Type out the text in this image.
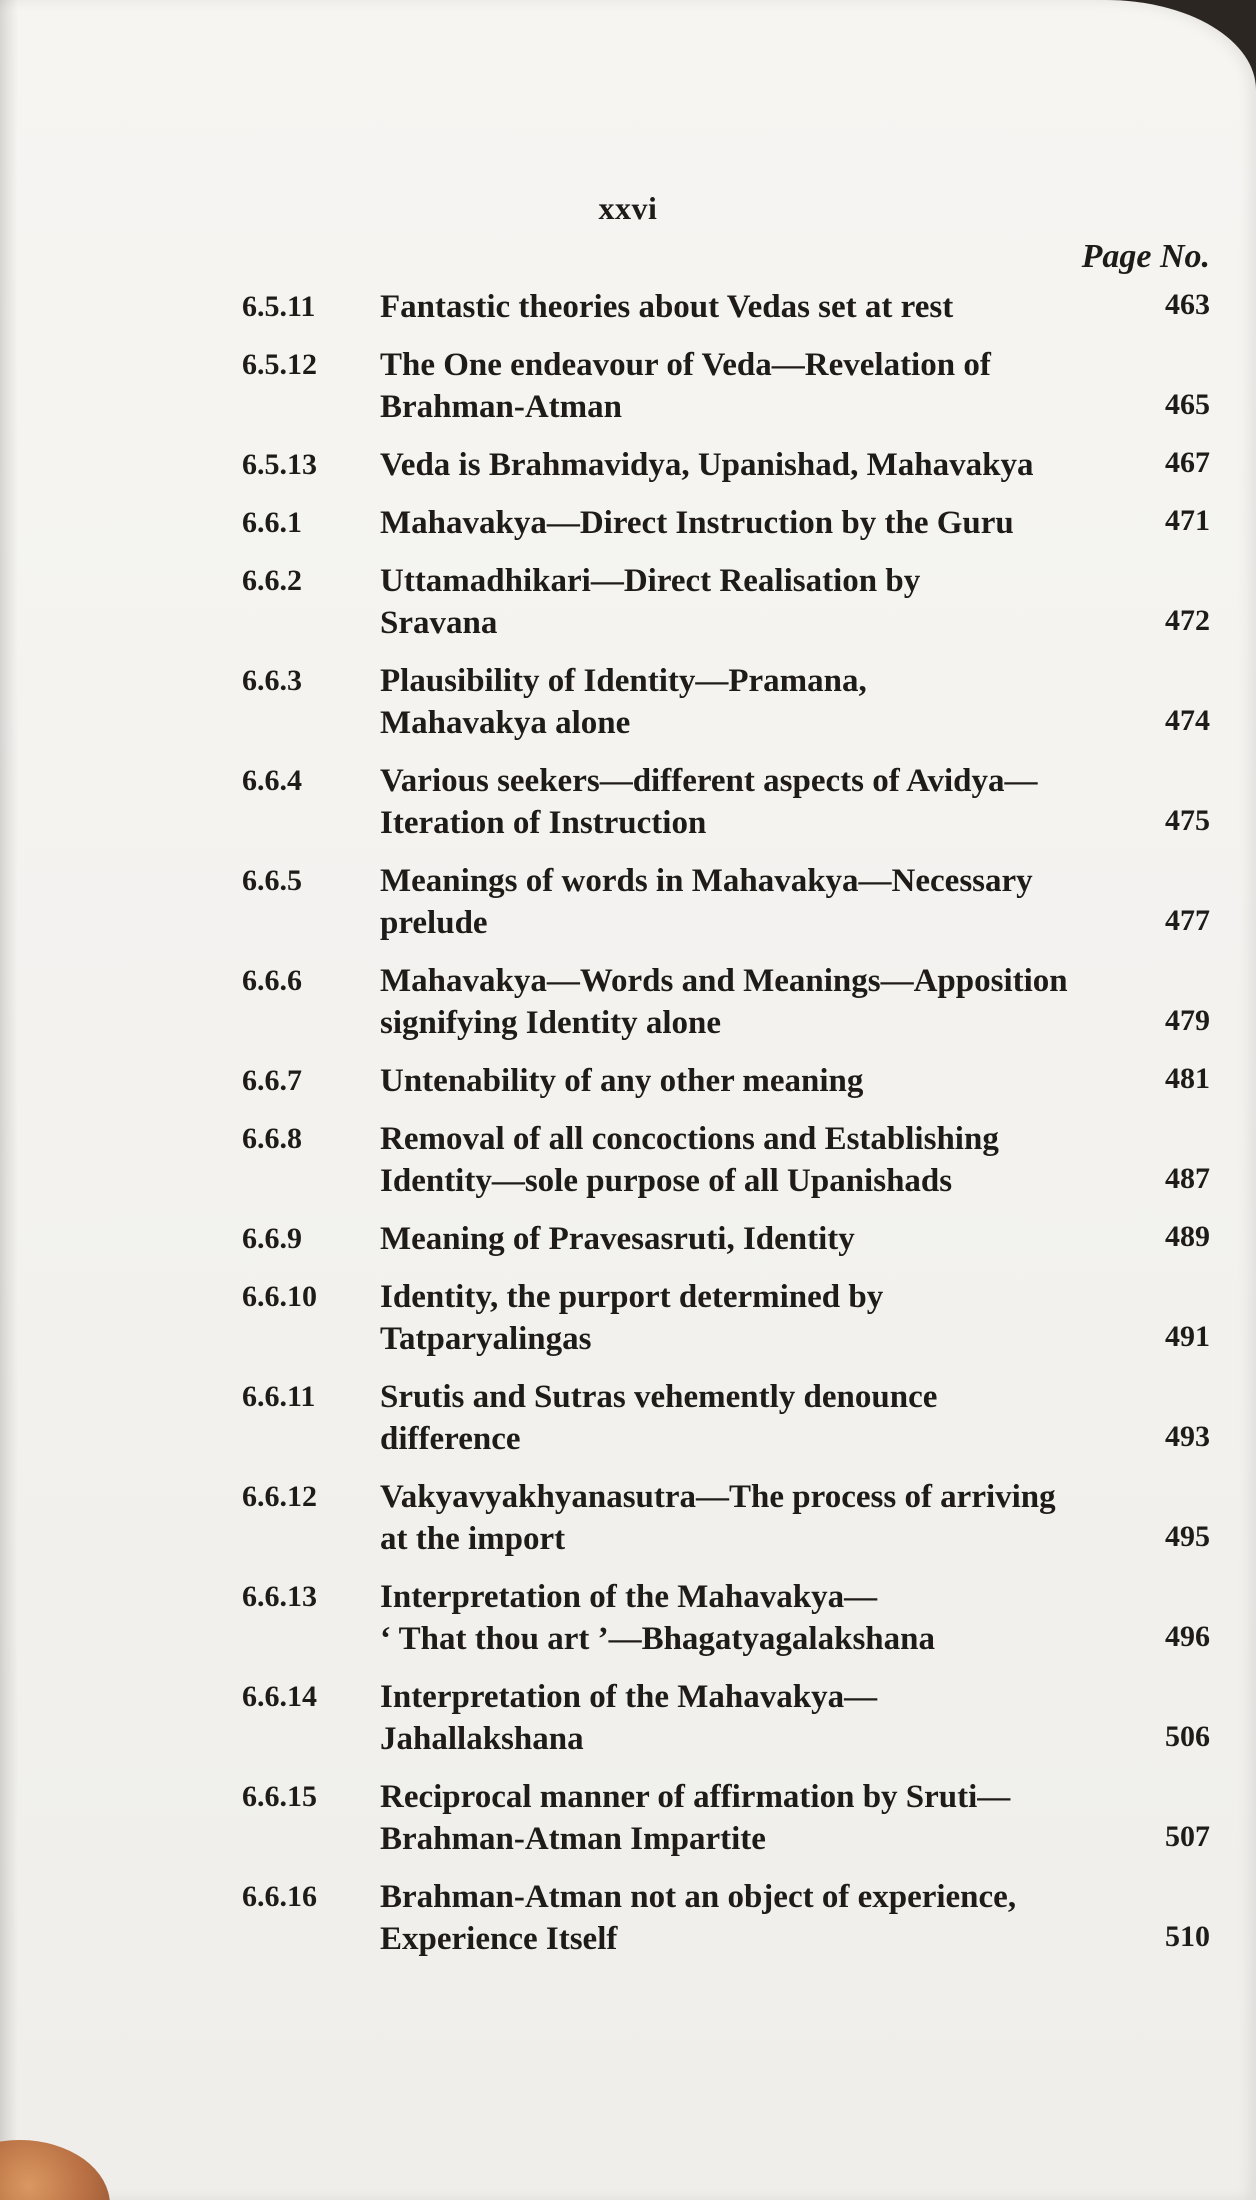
xxvi
Page No.
6.5.11	Fantastic theories about Vedas set at rest	463
6.5.12	The One endeavour of Veda—Revelation of
Brahman-Atman	465
6.5.13	Veda is Brahmavidya, Upanishad, Mahavakya	467
6.6.1	Mahavakya—Direct Instruction by the Guru	471
6.6.2	Uttamadhikari—Direct Realisation by
Sravana	472
6.6.3	Plausibility of Identity—Pramana,
Mahavakya alone	474
6.6.4	Various seekers—different aspects of Avidya—
Iteration of Instruction	475
6.6.5	Meanings of words in Mahavakya—Necessary
prelude	477
6.6.6	Mahavakya—Words and Meanings—Apposition
signifying Identity alone	479
6.6.7	Untenability of any other meaning	481
6.6.8	Removal of all concoctions and Establishing
Identity—sole purpose of all Upanishads	487
6.6.9	Meaning of Pravesasruti, Identity	489
6.6.10	Identity, the purport determined by
Tatparyalingas	491
6.6.11	Srutis and Sutras vehemently denounce
difference	493
6.6.12	Vakyavyakhyanasutra—The process of arriving
at the import	495
6.6.13	Interpretation of the Mahavakya—
‘ That thou art ’—Bhagatyagalakshana	496
6.6.14	Interpretation of the Mahavakya—
Jahallakshana	506
6.6.15	Reciprocal manner of affirmation by Sruti—
Brahman-Atman Impartite	507
6.6.16	Brahman-Atman not an object of experience,
Experience Itself	510
